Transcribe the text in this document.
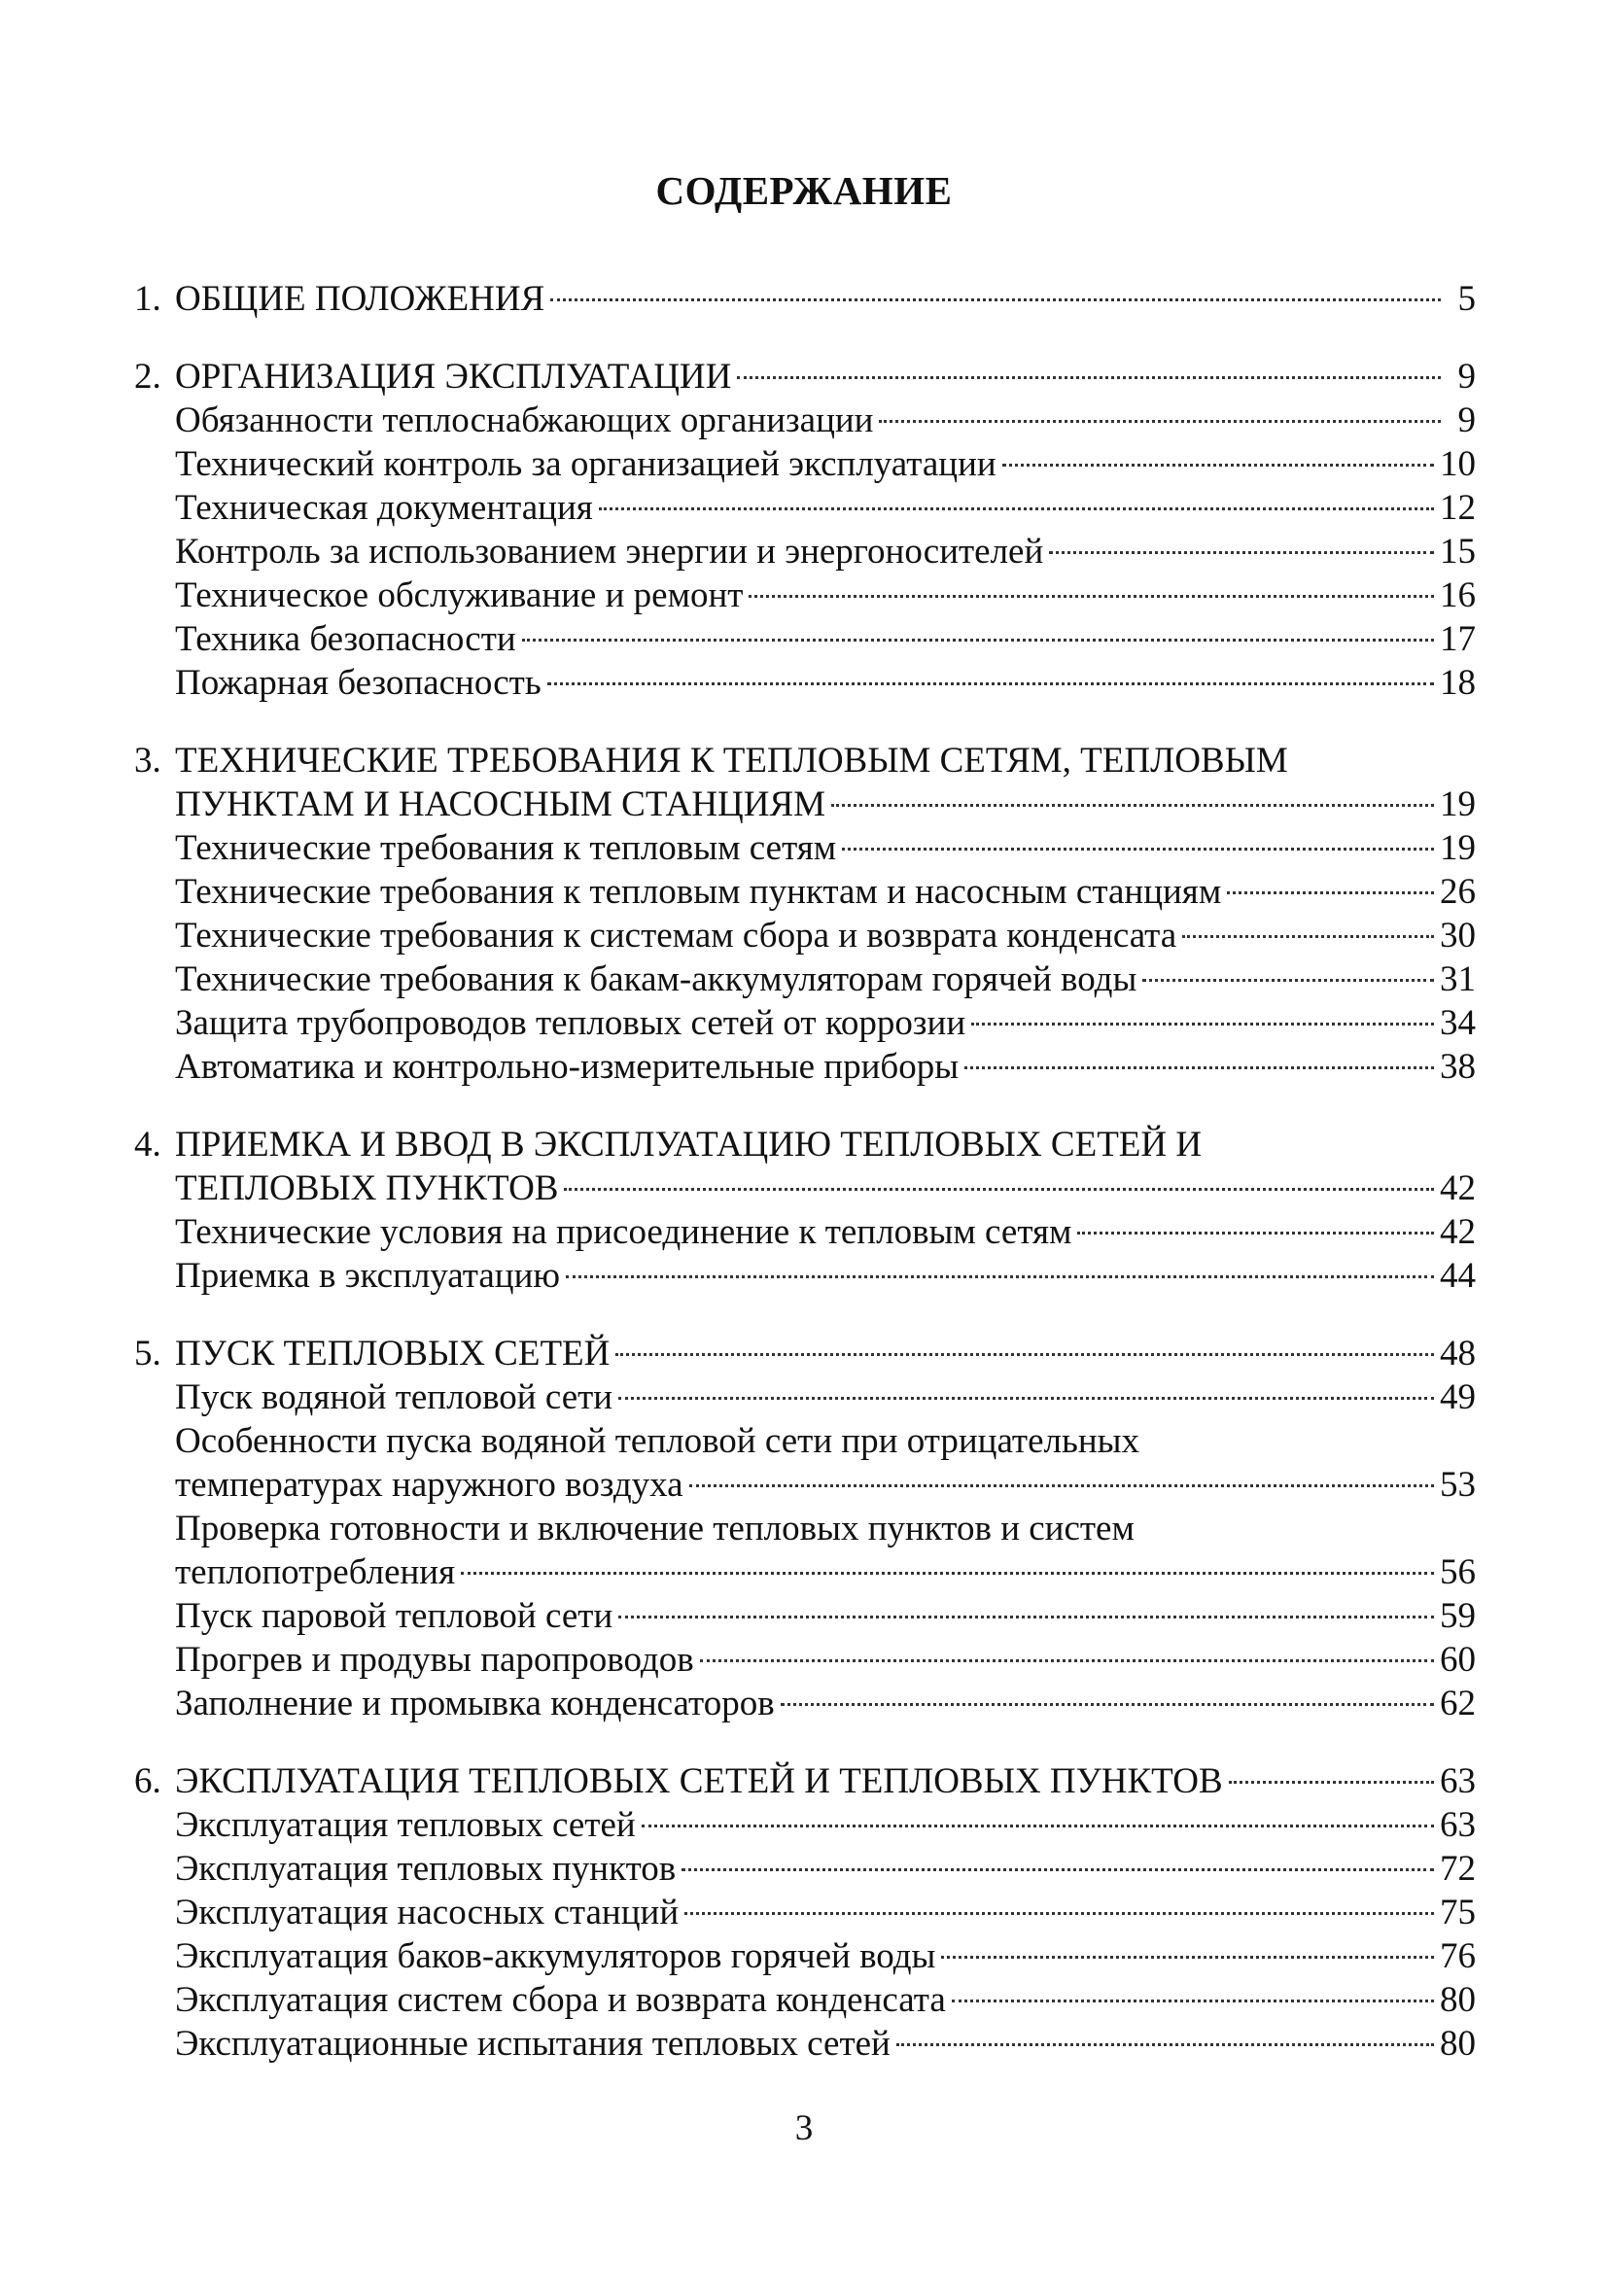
СОДЕРЖАНИЕ
1. ОБЩИЕ ПОЛОЖЕНИЯ	5
2. ОРГАНИЗАЦИЯ ЭКСПЛУАТАЦИИ	9
Обязанности теплоснабжающих организации	9
Технический контроль за организацией эксплуатации	10
Техническая документация	12
Контроль за использованием энергии и энергоносителей	15
Техническое обслуживание и ремонт	16
Техника безопасности	17
Пожарная безопасность	18
3. ТЕХНИЧЕСКИЕ ТРЕБОВАНИЯ К ТЕПЛОВЫМ СЕТЯМ, ТЕПЛОВЫМ
ПУНКТАМ И НАСОСНЫМ СТАНЦИЯМ	19
Технические требования к тепловым сетям	19
Технические требования к тепловым пунктам и насосным станциям	26
Технические требования к системам сбора и возврата конденсата	30
Технические требования к бакам-аккумуляторам горячей воды	31
Защита трубопроводов тепловых сетей от коррозии	34
Автоматика и контрольно-измерительные приборы	38
4. ПРИЕМКА И ВВОД В ЭКСПЛУАТАЦИЮ ТЕПЛОВЫХ СЕТЕЙ И
ТЕПЛОВЫХ ПУНКТОВ	42
Технические условия на присоединение к тепловым сетям	42
Приемка в эксплуатацию	44
5. ПУСК ТЕПЛОВЫХ СЕТЕЙ	48
Пуск водяной тепловой сети	49
Особенности пуска водяной тепловой сети при отрицательных
температурах наружного воздуха	53
Проверка готовности и включение тепловых пунктов и систем
теплопотребления	56
Пуск паровой тепловой сети	59
Прогрев и продувы паропроводов	60
Заполнение и промывка конденсаторов	62
6. ЭКСПЛУАТАЦИЯ ТЕПЛОВЫХ СЕТЕЙ И ТЕПЛОВЫХ ПУНКТОВ	63
Эксплуатация тепловых сетей	63
Эксплуатация тепловых пунктов	72
Эксплуатация насосных станций	75
Эксплуатация баков-аккумуляторов горячей воды	76
Эксплуатация систем сбора и возврата конденсата	80
Эксплуатационные испытания тепловых сетей	80
3
